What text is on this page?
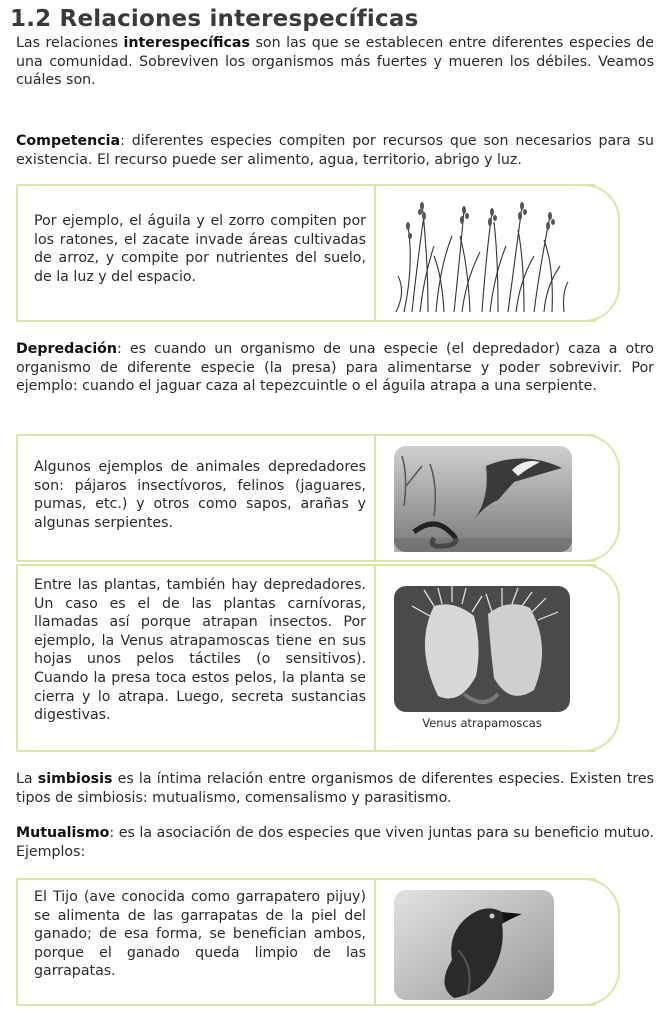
1.2 Relaciones interespecíficas

Las relaciones interespecíficas son las que se establecen entre diferentes especies de una comunidad. Sobreviven los organismos más fuertes y mueren los débiles. Veamos cuáles son.

Competencia: diferentes especies compiten por recursos que son necesarios para su existencia. El recurso puede ser alimento, agua, territorio, abrigo y luz.

Por ejemplo, el águila y el zorro compiten por los ratones, el zacate invade áreas cultivadas de arroz, y compite por nutrientes del suelo, de la luz y del espacio.

Depredación: es cuando un organismo de una especie (el depredador) caza a otro organismo de diferente especie (la presa) para alimentarse y poder sobrevivir. Por ejemplo: cuando el jaguar caza al tepezcuintle o el águila atrapa a una serpiente.

Algunos ejemplos de animales depredadores son: pájaros insectívoros, felinos (jaguares, pumas, etc.) y otros como sapos, arañas y algunas serpientes.

Entre las plantas, también hay depredadores. Un caso es el de las plantas carnívoras, llamadas así porque atrapan insectos. Por ejemplo, la Venus atrapamoscas tiene en sus hojas unos pelos táctiles (o sensitivos). Cuando la presa toca estos pelos, la planta se cierra y lo atrapa. Luego, secreta sustancias digestivas.	Venus atrapamoscas

La simbiosis es la íntima relación entre organismos de diferentes especies. Existen tres tipos de simbiosis: mutualismo, comensalismo y parasitismo.

Mutualismo: es la asociación de dos especies que viven juntas para su beneficio mutuo. Ejemplos:

El Tijo (ave conocida como garrapatero pijuy) se alimenta de las garrapatas de la piel del ganado; de esa forma, se benefician ambos, porque el ganado queda limpio de las garrapatas.
